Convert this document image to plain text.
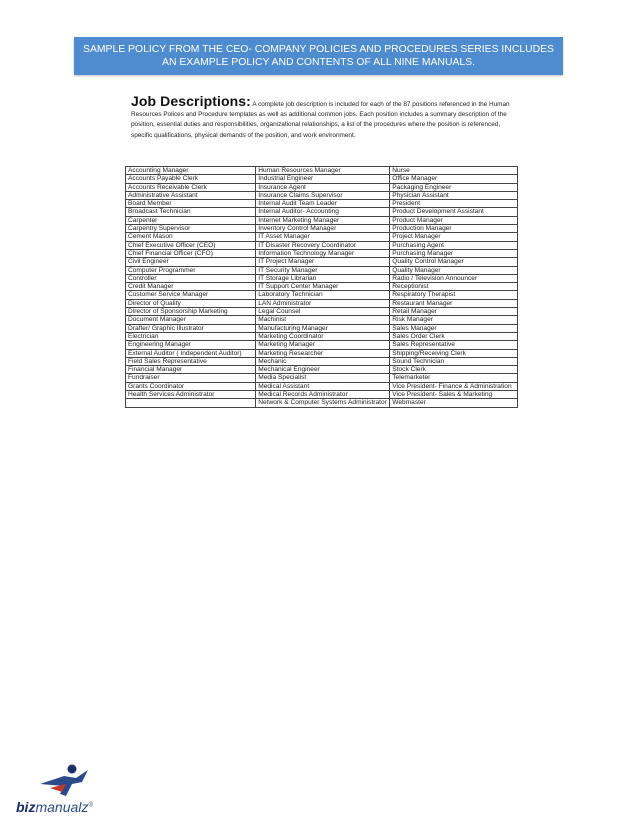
SAMPLE POLICY FROM THE CEO- COMPANY POLICIES AND PROCEDURES SERIES INCLUDES AN EXAMPLE POLICY AND CONTENTS OF ALL NINE MANUALS.
Job Descriptions: A complete job description is included for each of the 87 positions referenced in the Human Resources Polices and Procedure templates as well as additional common jobs. Each position includes a summary description of the position, essential duties and responsibilities, organizational relationships, a list of the procedures where the position is referenced, specific qualifications, physical demands of the position, and work environment.
Accounting Manager	Human Resources Manager	Nurse
Accounts Payable Clerk	Industrial Engineer	Office Manager
Accounts Receivable Clerk	Insurance Agent	Packaging Engineer
Administrative Assistant	Insurance Claims Supervisor	Physician Assistant
Board Member	Internal Audit Team Leader	President
Broadcast Technician	Internal Auditor- Accounting	Product Development Assistant
Carpenter	Internet Marketing Manager	Product Manager
Carpentry Supervisor	Inventory Control Manager	Production Manager
Cement Mason	IT Asset Manager	Project Manager
Chief Executive Officer (CEO)	IT Disaster Recovery Coordinator	Purchasing Agent
Chief Financial Officer (CFO)	Information Technology Manager	Purchasing Manager
Civil Engineer	IT Project Manager	Quality Control Manager
Computer Programmer	IT Security Manager	Quality Manager
Controller	IT Storage Librarian	Radio / Television Announcer
Credit Manager	IT Support Center Manager	Receptionist
Customer Service Manager	Laboratory Technician	Respiratory Therapist
Director of Quality	LAN Administrator	Restaurant Manager
Director of Sponsorship Marketing	Legal Counsel	Retail Manager
Document Manager	Machinist	Risk Manager
Drafter/ Graphic Illustrator	Manufacturing Manager	Sales Manager
Electrician	Marketing Coordinator	Sales Order Clerk
Engineering Manager	Marketing Manager	Sales Representative
External Auditor ( Independent Auditor)	Marketing Researcher	Shipping/Receiving Clerk
Field Sales Representative	Mechanic	Sound Technician
Financial Manager	Mechanical Engineer	Stock Clerk
Fundraiser	Media Specialist	Telemarketer
Grants Coordinator	Medical Assistant	Vice President- Finance & Administration
Health Services Administrator	Medical Records Administrator	Vice President- Sales & Marketing
	Network & Computer Systems Administrator	Webmaster
bizmanualz®
